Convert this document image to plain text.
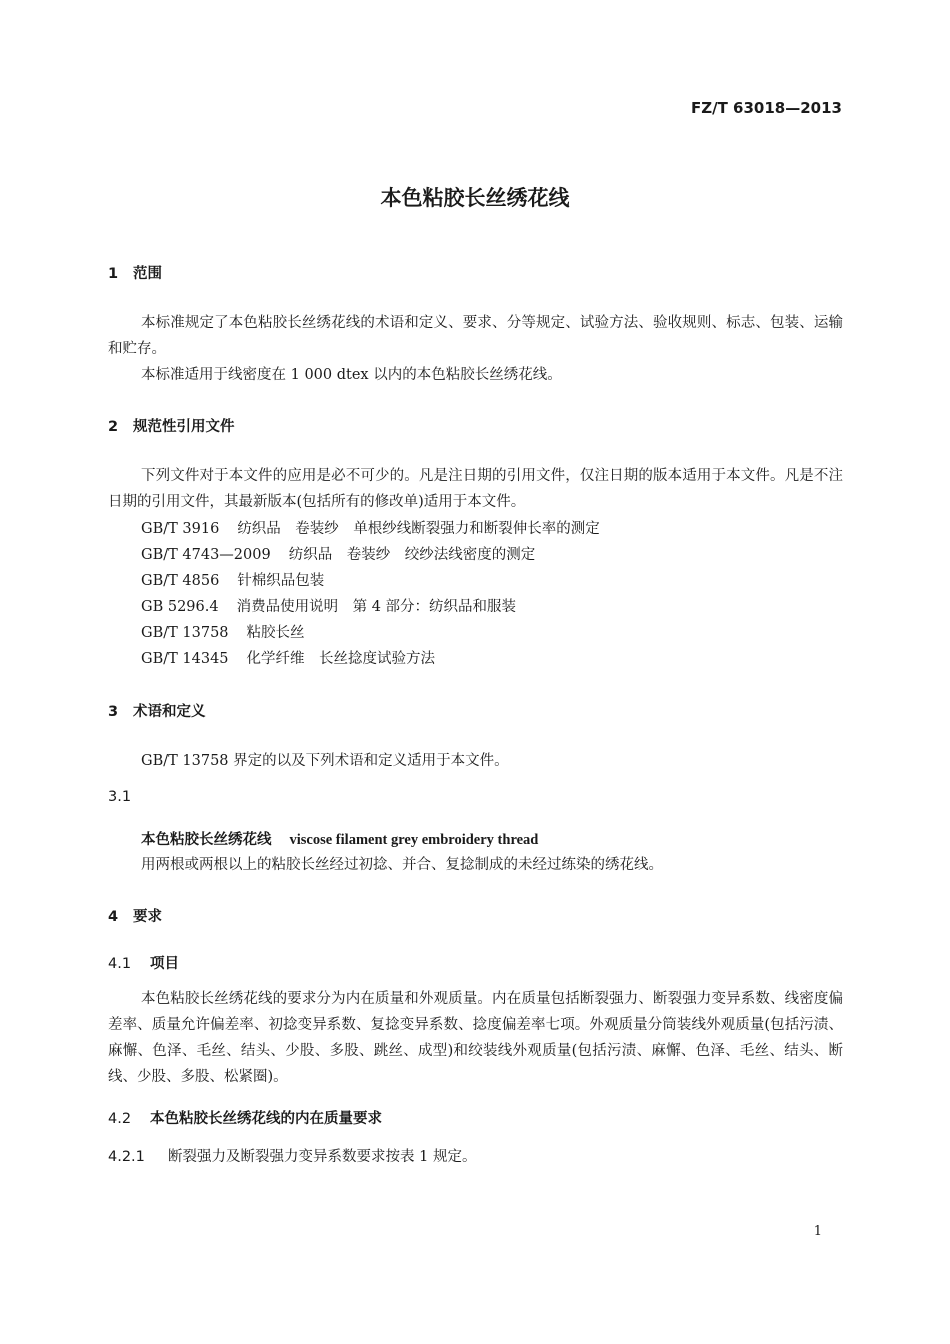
FZ/T 63018—2013
本色粘胶长丝绣花线
1 范围
本标准规定了本色粘胶长丝绣花线的术语和定义、要求、分等规定、试验方法、验收规则、标志、包装、运输和贮存。
本标准适用于线密度在 1 000 dtex 以内的本色粘胶长丝绣花线。
2 规范性引用文件
下列文件对于本文件的应用是必不可少的。凡是注日期的引用文件，仅注日期的版本适用于本文件。凡是不注日期的引用文件，其最新版本(包括所有的修改单)适用于本文件。
GB/T 3916 纺织品　卷装纱　单根纱线断裂强力和断裂伸长率的测定
GB/T 4743—2009 纺织品　卷装纱　绞纱法线密度的测定
GB/T 4856 针棉织品包装
GB 5296.4 消费品使用说明　第 4 部分：纺织品和服装
GB/T 13758 粘胶长丝
GB/T 14345 化学纤维　长丝捻度试验方法
3 术语和定义
GB/T 13758 界定的以及下列术语和定义适用于本文件。
3.1
本色粘胶长丝绣花线 viscose filament grey embroidery thread
用两根或两根以上的粘胶长丝经过初捻、并合、复捻制成的未经过练染的绣花线。
4 要求
4.1 项目
本色粘胶长丝绣花线的要求分为内在质量和外观质量。内在质量包括断裂强力、断裂强力变异系数、线密度偏差率、质量允许偏差率、初捻变异系数、复捻变异系数、捻度偏差率七项。外观质量分筒装线外观质量(包括污渍、麻懈、色泽、毛丝、结头、少股、多股、跳丝、成型)和绞装线外观质量(包括污渍、麻懈、色泽、毛丝、结头、断线、少股、多股、松紧圈)。
4.2 本色粘胶长丝绣花线的内在质量要求
4.2.1 断裂强力及断裂强力变异系数要求按表 1 规定。
1
